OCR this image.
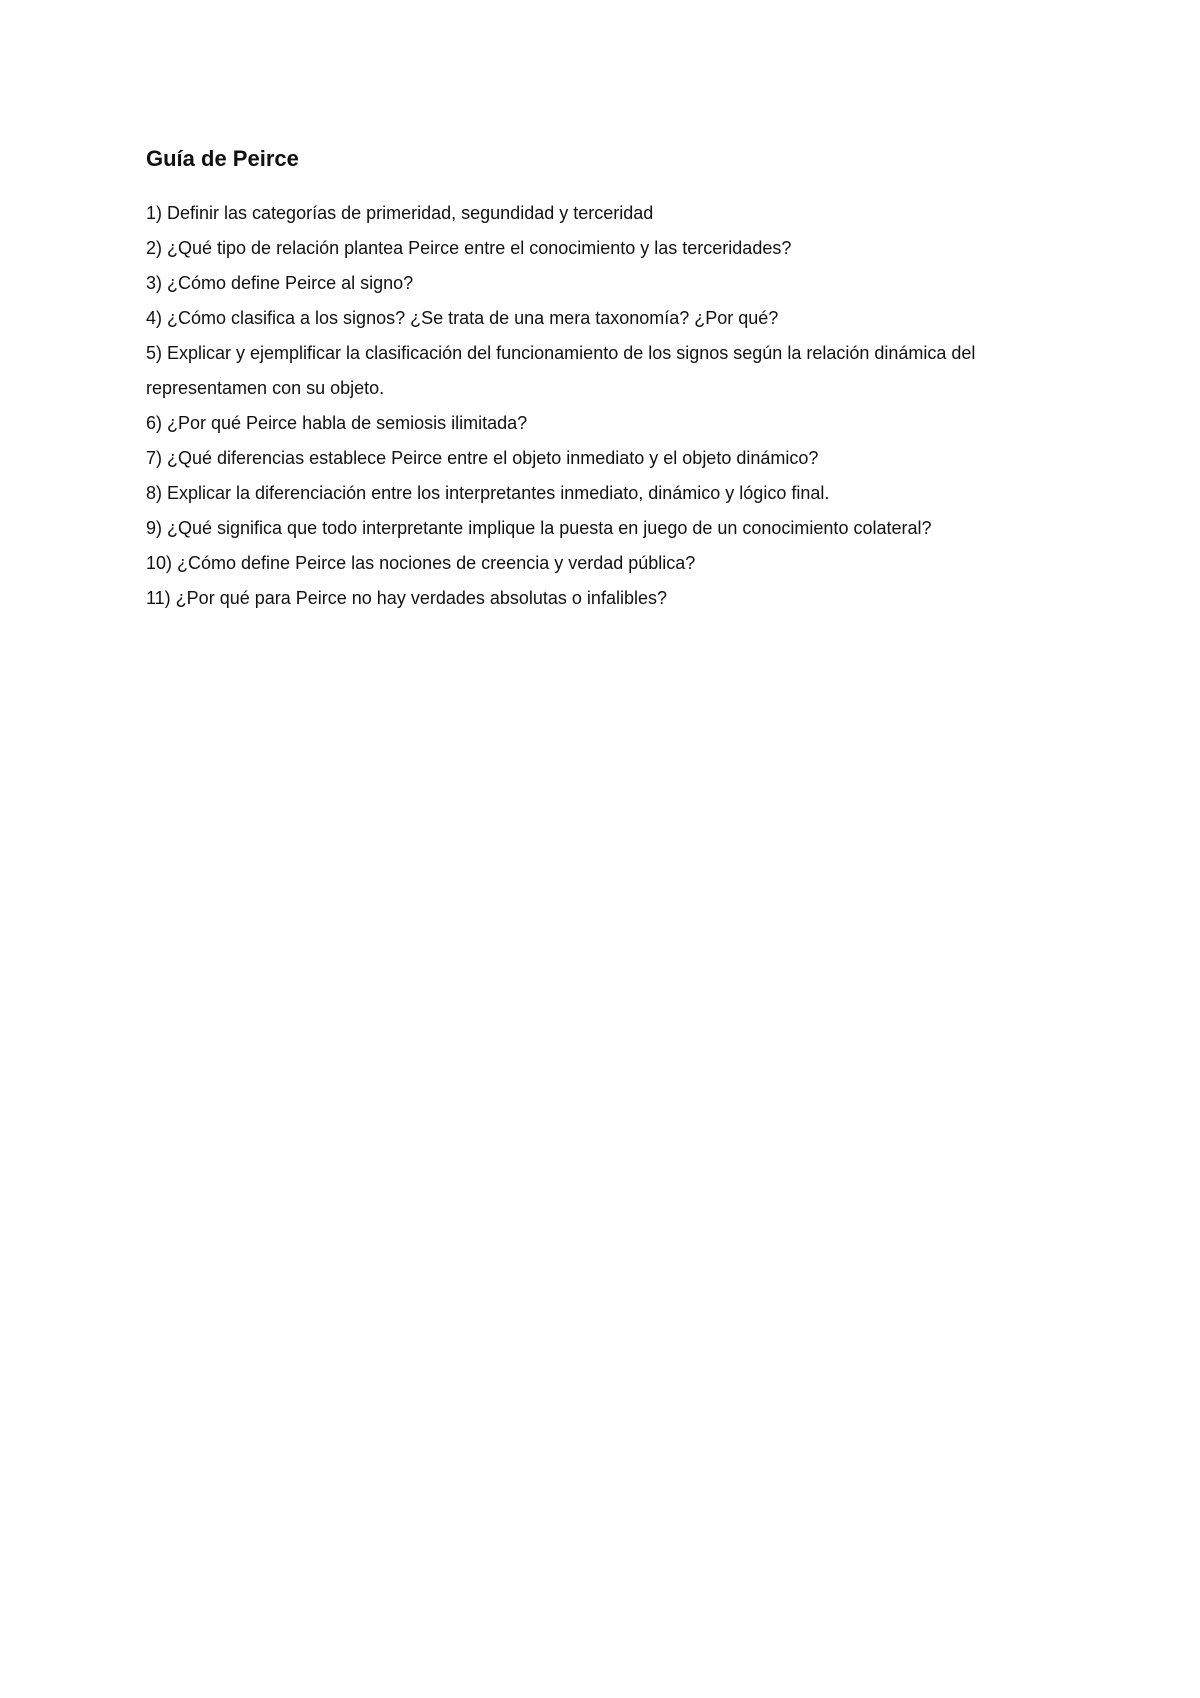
Guía de Peirce
1) Definir las categorías de primeridad, segundidad y terceridad
2) ¿Qué tipo de relación plantea Peirce entre el conocimiento y las terceridades?
3) ¿Cómo define Peirce al signo?
4) ¿Cómo clasifica a los signos? ¿Se trata de una mera taxonomía? ¿Por qué?
5) Explicar y ejemplificar la clasificación del funcionamiento de los signos según la relación dinámica del representamen con su objeto.
6) ¿Por qué Peirce habla de semiosis ilimitada?
7) ¿Qué diferencias establece Peirce entre el objeto inmediato y el objeto dinámico?
8) Explicar la diferenciación entre los interpretantes inmediato, dinámico y lógico final.
9) ¿Qué significa que todo interpretante implique la puesta en juego de un conocimiento colateral?
10) ¿Cómo define Peirce las nociones de creencia y verdad pública?
11) ¿Por qué para Peirce no hay verdades absolutas o infalibles?
